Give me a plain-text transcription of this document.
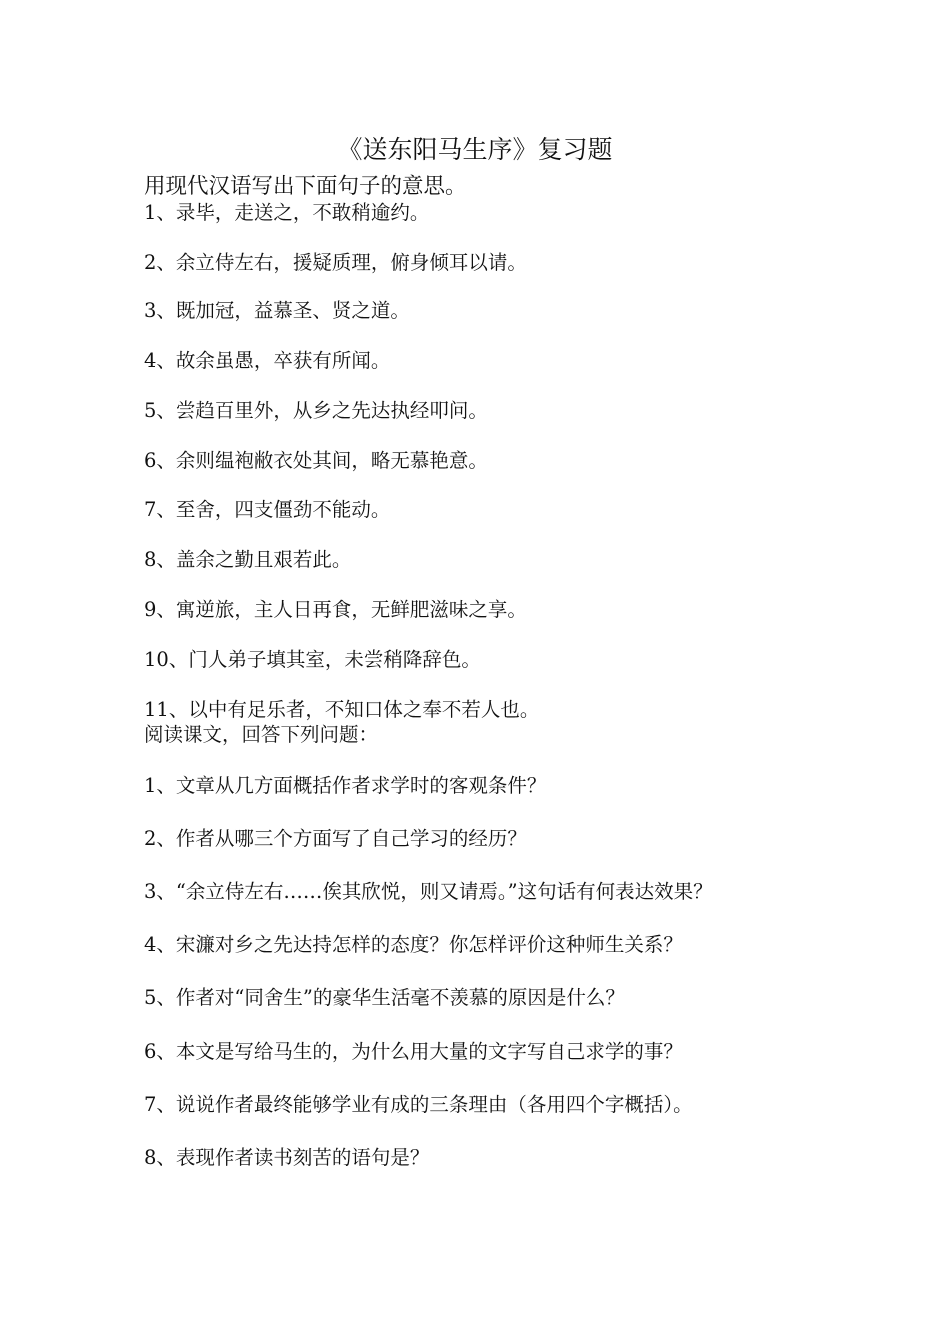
《送东阳马生序》复习题
用现代汉语写出下面句子的意思。
1、录毕，走送之，不敢稍逾约。
2、余立侍左右，援疑质理，俯身倾耳以请。
3、既加冠，益慕圣、贤之道。
4、故余虽愚，卒获有所闻。
5、尝趋百里外，从乡之先达执经叩问。
6、余则缊袍敝衣处其间，略无慕艳意。
7、至舍，四支僵劲不能动。
8、盖余之勤且艰若此。
9、寓逆旅，主人日再食，无鲜肥滋味之享。
10、门人弟子填其室，未尝稍降辞色。
11、以中有足乐者，不知口体之奉不若人也。
阅读课文，回答下列问题：
1、文章从几方面概括作者求学时的客观条件？
2、作者从哪三个方面写了自己学习的经历？
3、“余立侍左右……俟其欣悦，则又请焉。”这句话有何表达效果？
4、宋濂对乡之先达持怎样的态度？你怎样评价这种师生关系？
5、作者对“同舍生”的豪华生活毫不羡慕的原因是什么？
6、本文是写给马生的，为什么用大量的文字写自己求学的事？
7、说说作者最终能够学业有成的三条理由（各用四个字概括）。
8、表现作者读书刻苦的语句是？
